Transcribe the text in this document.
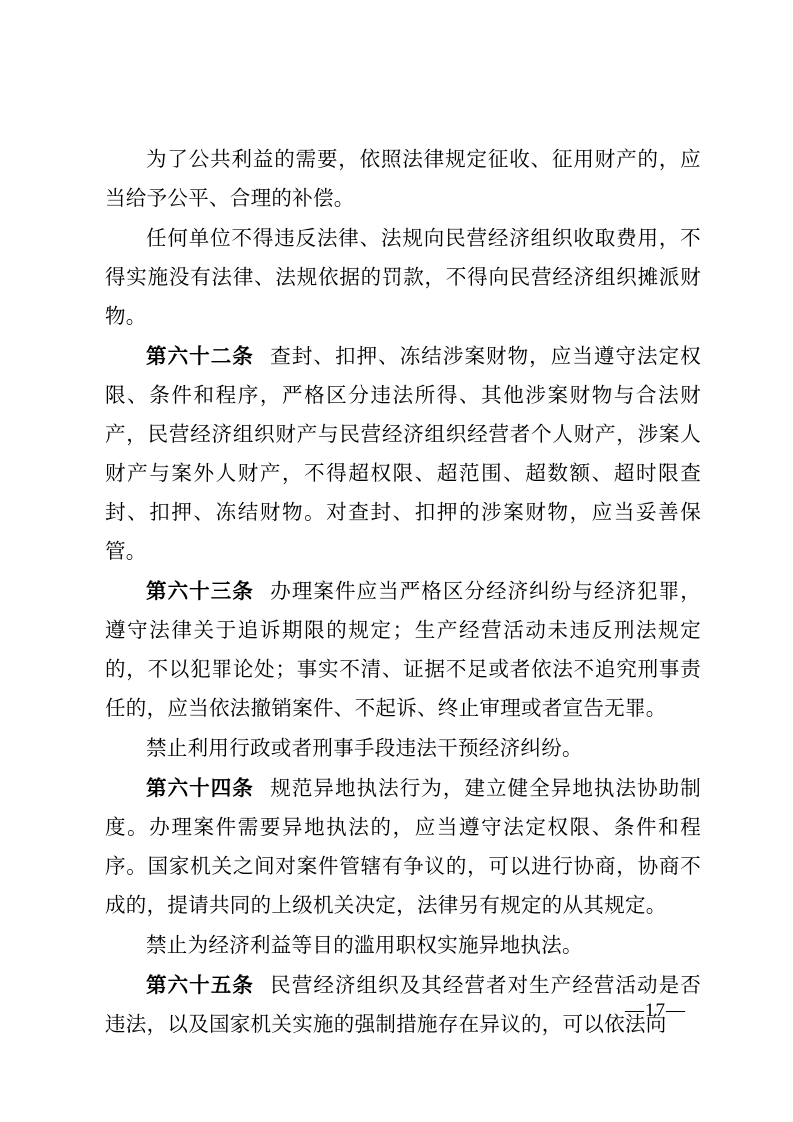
为了公共利益的需要，依照法律规定征收、征用财产的，应当给予公平、合理的补偿。

任何单位不得违反法律、法规向民营经济组织收取费用，不得实施没有法律、法规依据的罚款，不得向民营经济组织摊派财物。

第六十二条 查封、扣押、冻结涉案财物，应当遵守法定权限、条件和程序，严格区分违法所得、其他涉案财物与合法财产，民营经济组织财产与民营经济组织经营者个人财产，涉案人财产与案外人财产，不得超权限、超范围、超数额、超时限查封、扣押、冻结财物。对查封、扣押的涉案财物，应当妥善保管。

第六十三条 办理案件应当严格区分经济纠纷与经济犯罪，遵守法律关于追诉期限的规定；生产经营活动未违反刑法规定的，不以犯罪论处；事实不清、证据不足或者依法不追究刑事责任的，应当依法撤销案件、不起诉、终止审理或者宣告无罪。

禁止利用行政或者刑事手段违法干预经济纠纷。

第六十四条 规范异地执法行为，建立健全异地执法协助制度。办理案件需要异地执法的，应当遵守法定权限、条件和程序。国家机关之间对案件管辖有争议的，可以进行协商，协商不成的，提请共同的上级机关决定，法律另有规定的从其规定。

禁止为经济利益等目的滥用职权实施异地执法。

第六十五条 民营经济组织及其经营者对生产经营活动是否违法，以及国家机关实施的强制措施存在异议的，可以依法向

—17—
